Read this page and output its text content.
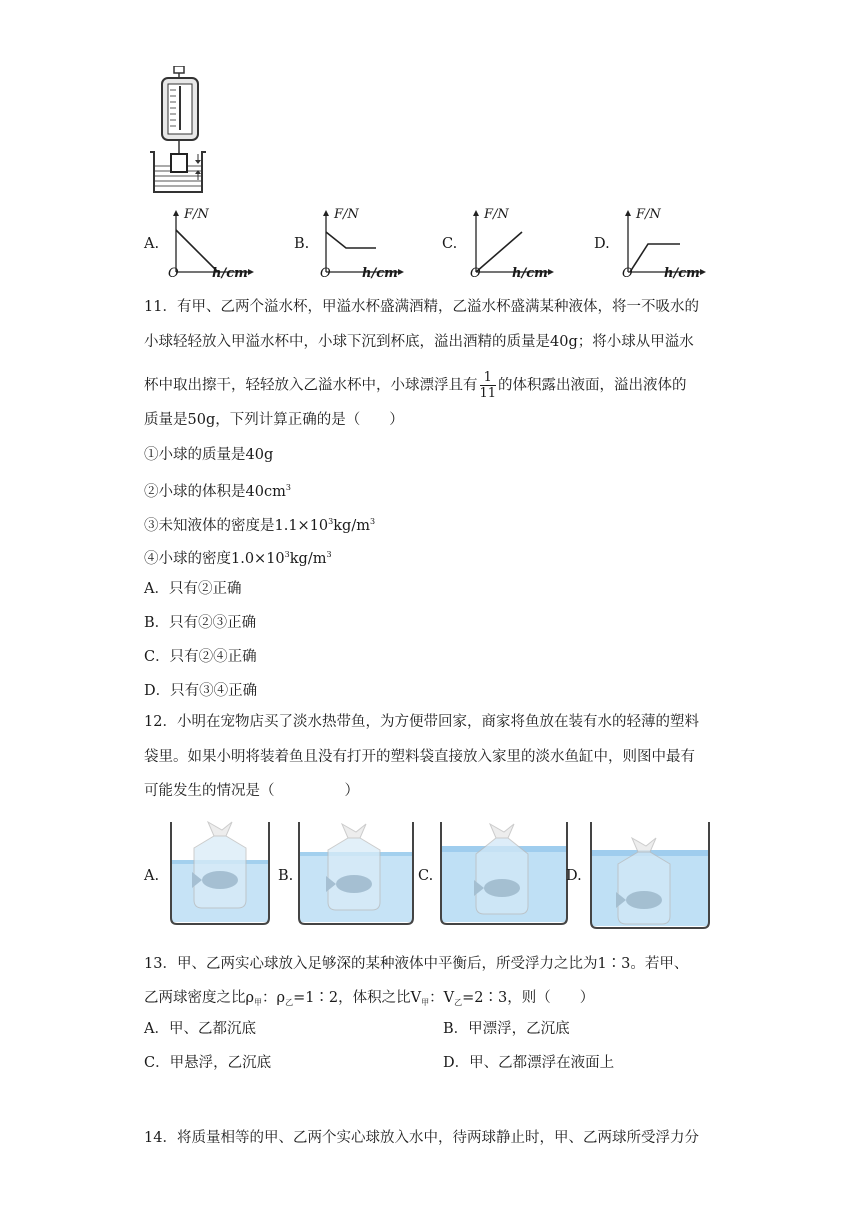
A.
F/N
O	h/cm
B.
F/N
O h/cm
C.
F/N
O h/cm
D.
F/N
O h/cm
11．有甲、乙两个溢水杯，甲溢水杯盛满酒精，乙溢水杯盛满某种液体，将一不吸水的
小球轻轻放入甲溢水杯中，小球下沉到杯底，溢出酒精的质量是40g；将小球从甲溢水
杯中取出擦干，轻轻放入乙溢水杯中，小球漂浮且有 $\frac{1}{11}$ 的体积露出液面，溢出液体的
质量是50g，下列计算正确的是（　　）
①小球的质量是40g
②小球的体积是$40cm^3$
③未知液体的密度是$1.1\times 10^3kg/m^3$
④小球的密度$1.0\times 10^3kg/m^3$
A．只有②正确
B．只有②③正确
C．只有②④正确
D．只有③④正确
12．小明在宠物店买了淡水热带鱼，为方便带回家，商家将鱼放在装有水的轻薄的塑料
袋里。如果小明将装着鱼且没有打开的塑料袋直接放入家里的淡水鱼缸中，则图中最有
可能发生的情况是（	）
A.	B.	C.	D.
13．甲、乙两实心球放入足够深的某种液体中平衡后，所受浮力之比为1∶3。若甲、
乙两球密度之比$\rho_甲$：$\rho_乙=1∶2$，体积之比$V_甲$：$V_乙=2∶3$，则（　　）
A．甲、乙都沉底	B．甲漂浮，乙沉底
C．甲悬浮，乙沉底	D．甲、乙都漂浮在液面上
14．将质量相等的甲、乙两个实心球放入水中，待两球静止时，甲、乙两球所受浮力分
